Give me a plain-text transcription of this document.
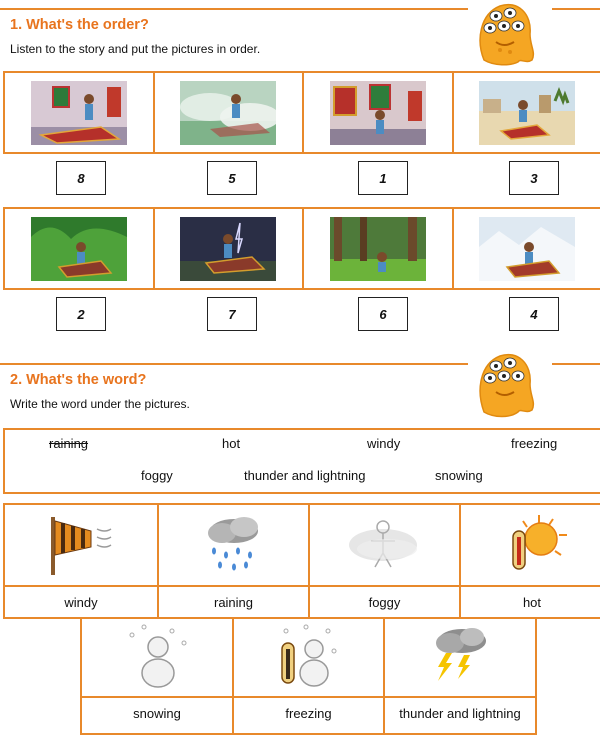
1. What's the order?
Listen to the story and put the pictures in order.
8	5	1	3
2	7	6	4
2. What's the word?
Write the word under the pictures.
raining	hot	windy	freezing
foggy	thunder and lightning	snowing
windy	raining	foggy	hot
snowing	freezing	thunder and lightning
